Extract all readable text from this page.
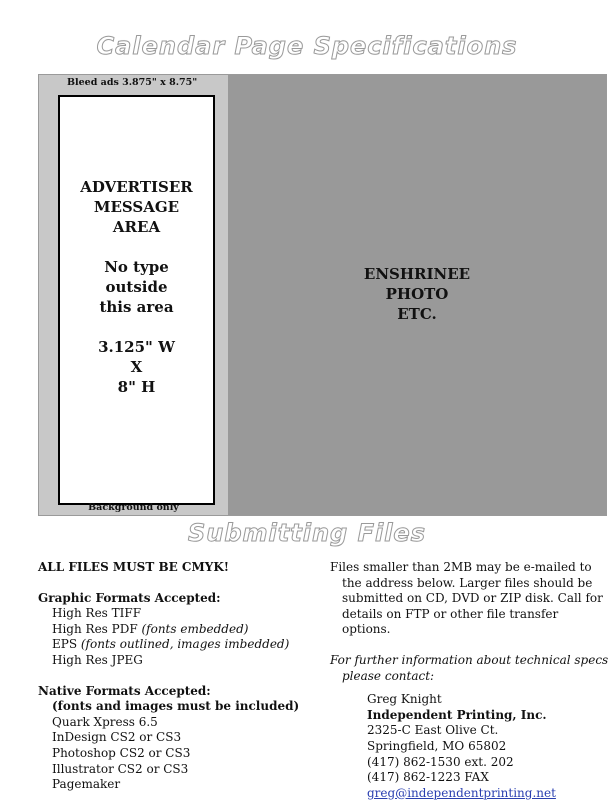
Calendar Page Specifications
ENSHRINEE
PHOTO
ETC.
Bleed ads 3.875" x 8.75"
ADVERTISER
MESSAGE
AREA
No type
outside
this area
3.125" W
X
8" H
Background only
Submitting Files
ALL FILES MUST BE CMYK!
Graphic Formats Accepted:
High Res TIFF
High Res PDF (fonts embedded)
EPS (fonts outlined, images imbedded)
High Res JPEG
Native Formats Accepted:
(fonts and images must be included)
Quark Xpress 6.5
InDesign CS2 or CS3
Photoshop CS2 or CS3
Illustrator CS2 or CS3
Pagemaker
Files smaller than 2MB may be e-mailed to the address below. Larger files should be submitted on CD, DVD or ZIP disk. Call for details on FTP or other file transfer options.
For further information about technical specs please contact:
Greg Knight
Independent Printing, Inc.
2325-C East Olive Ct.
Springfield, MO 65802
(417) 862-1530 ext. 202
(417) 862-1223 FAX
greg@independentprinting.net
